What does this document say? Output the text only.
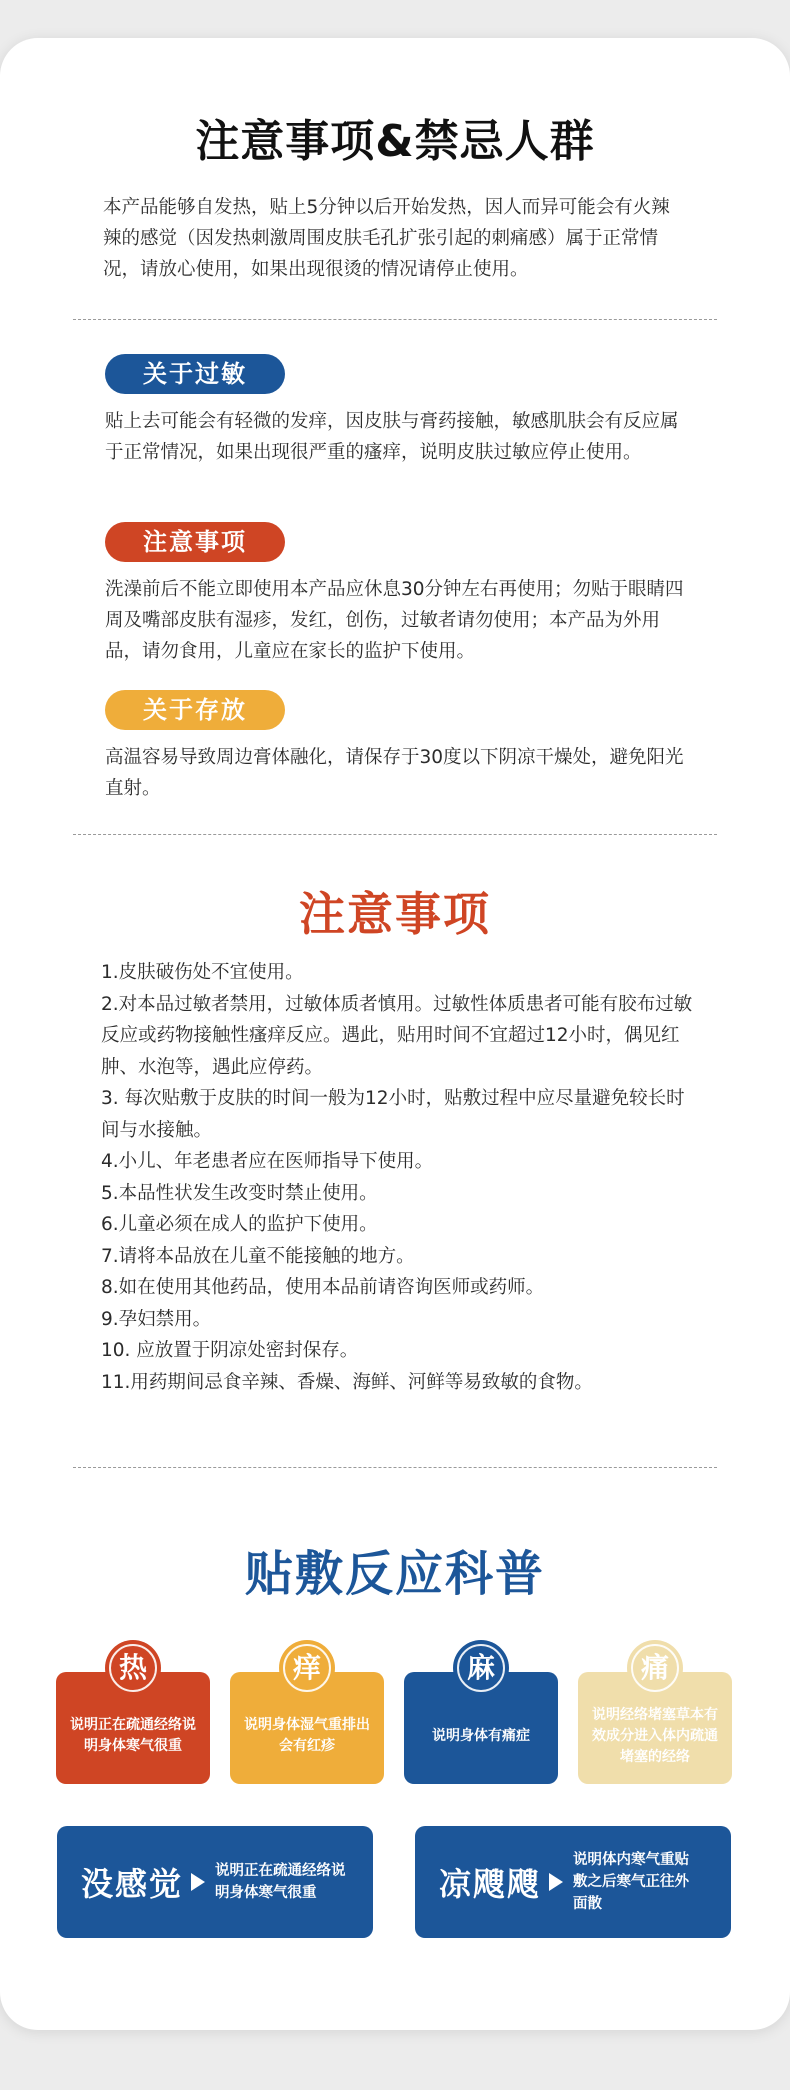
注意事项&禁忌人群
本产品能够自发热，贴上5分钟以后开始发热，因人而异可能会有火辣辣的感觉（因发热刺激周围皮肤毛孔扩张引起的刺痛感）属于正常情况，请放心使用，如果出现很烫的情况请停止使用。
关于过敏
贴上去可能会有轻微的发痒，因皮肤与膏药接触，敏感肌肤会有反应属于正常情况，如果出现很严重的瘙痒，说明皮肤过敏应停止使用。
注意事项
洗澡前后不能立即使用本产品应休息30分钟左右再使用；勿贴于眼睛四周及嘴部皮肤有湿疹，发红，创伤，过敏者请勿使用；本产品为外用品，请勿食用，儿童应在家长的监护下使用。
关于存放
高温容易导致周边膏体融化，请保存于30度以下阴凉干燥处，避免阳光直射。
注意事项
1.皮肤破伤处不宜使用。
2.对本品过敏者禁用，过敏体质者慎用。过敏性体质患者可能有胶布过敏反应或药物接触性瘙痒反应。遇此，贴用时间不宜超过12小时，偶见红肿、水泡等，遇此应停药。
3. 每次贴敷于皮肤的时间一般为12小时，贴敷过程中应尽量避免较长时间与水接触。
4.小儿、年老患者应在医师指导下使用。
5.本品性状发生改变时禁止使用。
6.儿童必须在成人的监护下使用。
7.请将本品放在儿童不能接触的地方。
8.如在使用其他药品，使用本品前请咨询医师或药师。
9.孕妇禁用。
10. 应放置于阴凉处密封保存。
11.用药期间忌食辛辣、香燥、海鲜、河鲜等易致敏的食物。
贴敷反应科普
说明正在疏通经络说明身体寒气很重
热
说明身体湿气重排出会有红疹
痒
说明身体有痛症
麻
说明经络堵塞草本有效成分进入体内疏通堵塞的经络
痛
没感觉 说明正在疏通经络说明身体寒气很重	凉飕飕
说明体内寒气重贴敷之后寒气正往外面散
